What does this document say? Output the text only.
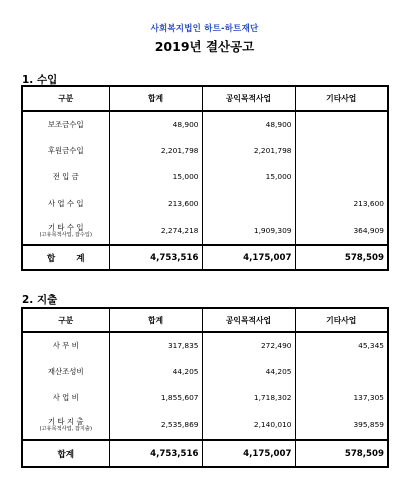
사회복지법인 하트-하트재단
2019년 결산공고
1. 수입
구분	합계	공익목적사업	기타사업
보조금수입	48,900	48,900	
후원금수입	2,201,798	2,201,798	
전 입 금	15,000	15,000	
사 업 수 입	213,600		213,600

기 타 수 입
(고유목적사업, 잡수입)	2,274,218	1,909,309	364,909
합 계	4,753,516	4,175,007	578,509
2. 지출
구분	합계	공익목적사업	기타사업
사 무 비	317,835	272,490	45,345
재산조성비	44,205	44,205	
사 업 비	1,855,607	1,718,302	137,305

기 타 지 출
(고유목적사업, 잡지출)	2,535,869	2,140,010	395,859
합계	4,753,516	4,175,007	578,509
